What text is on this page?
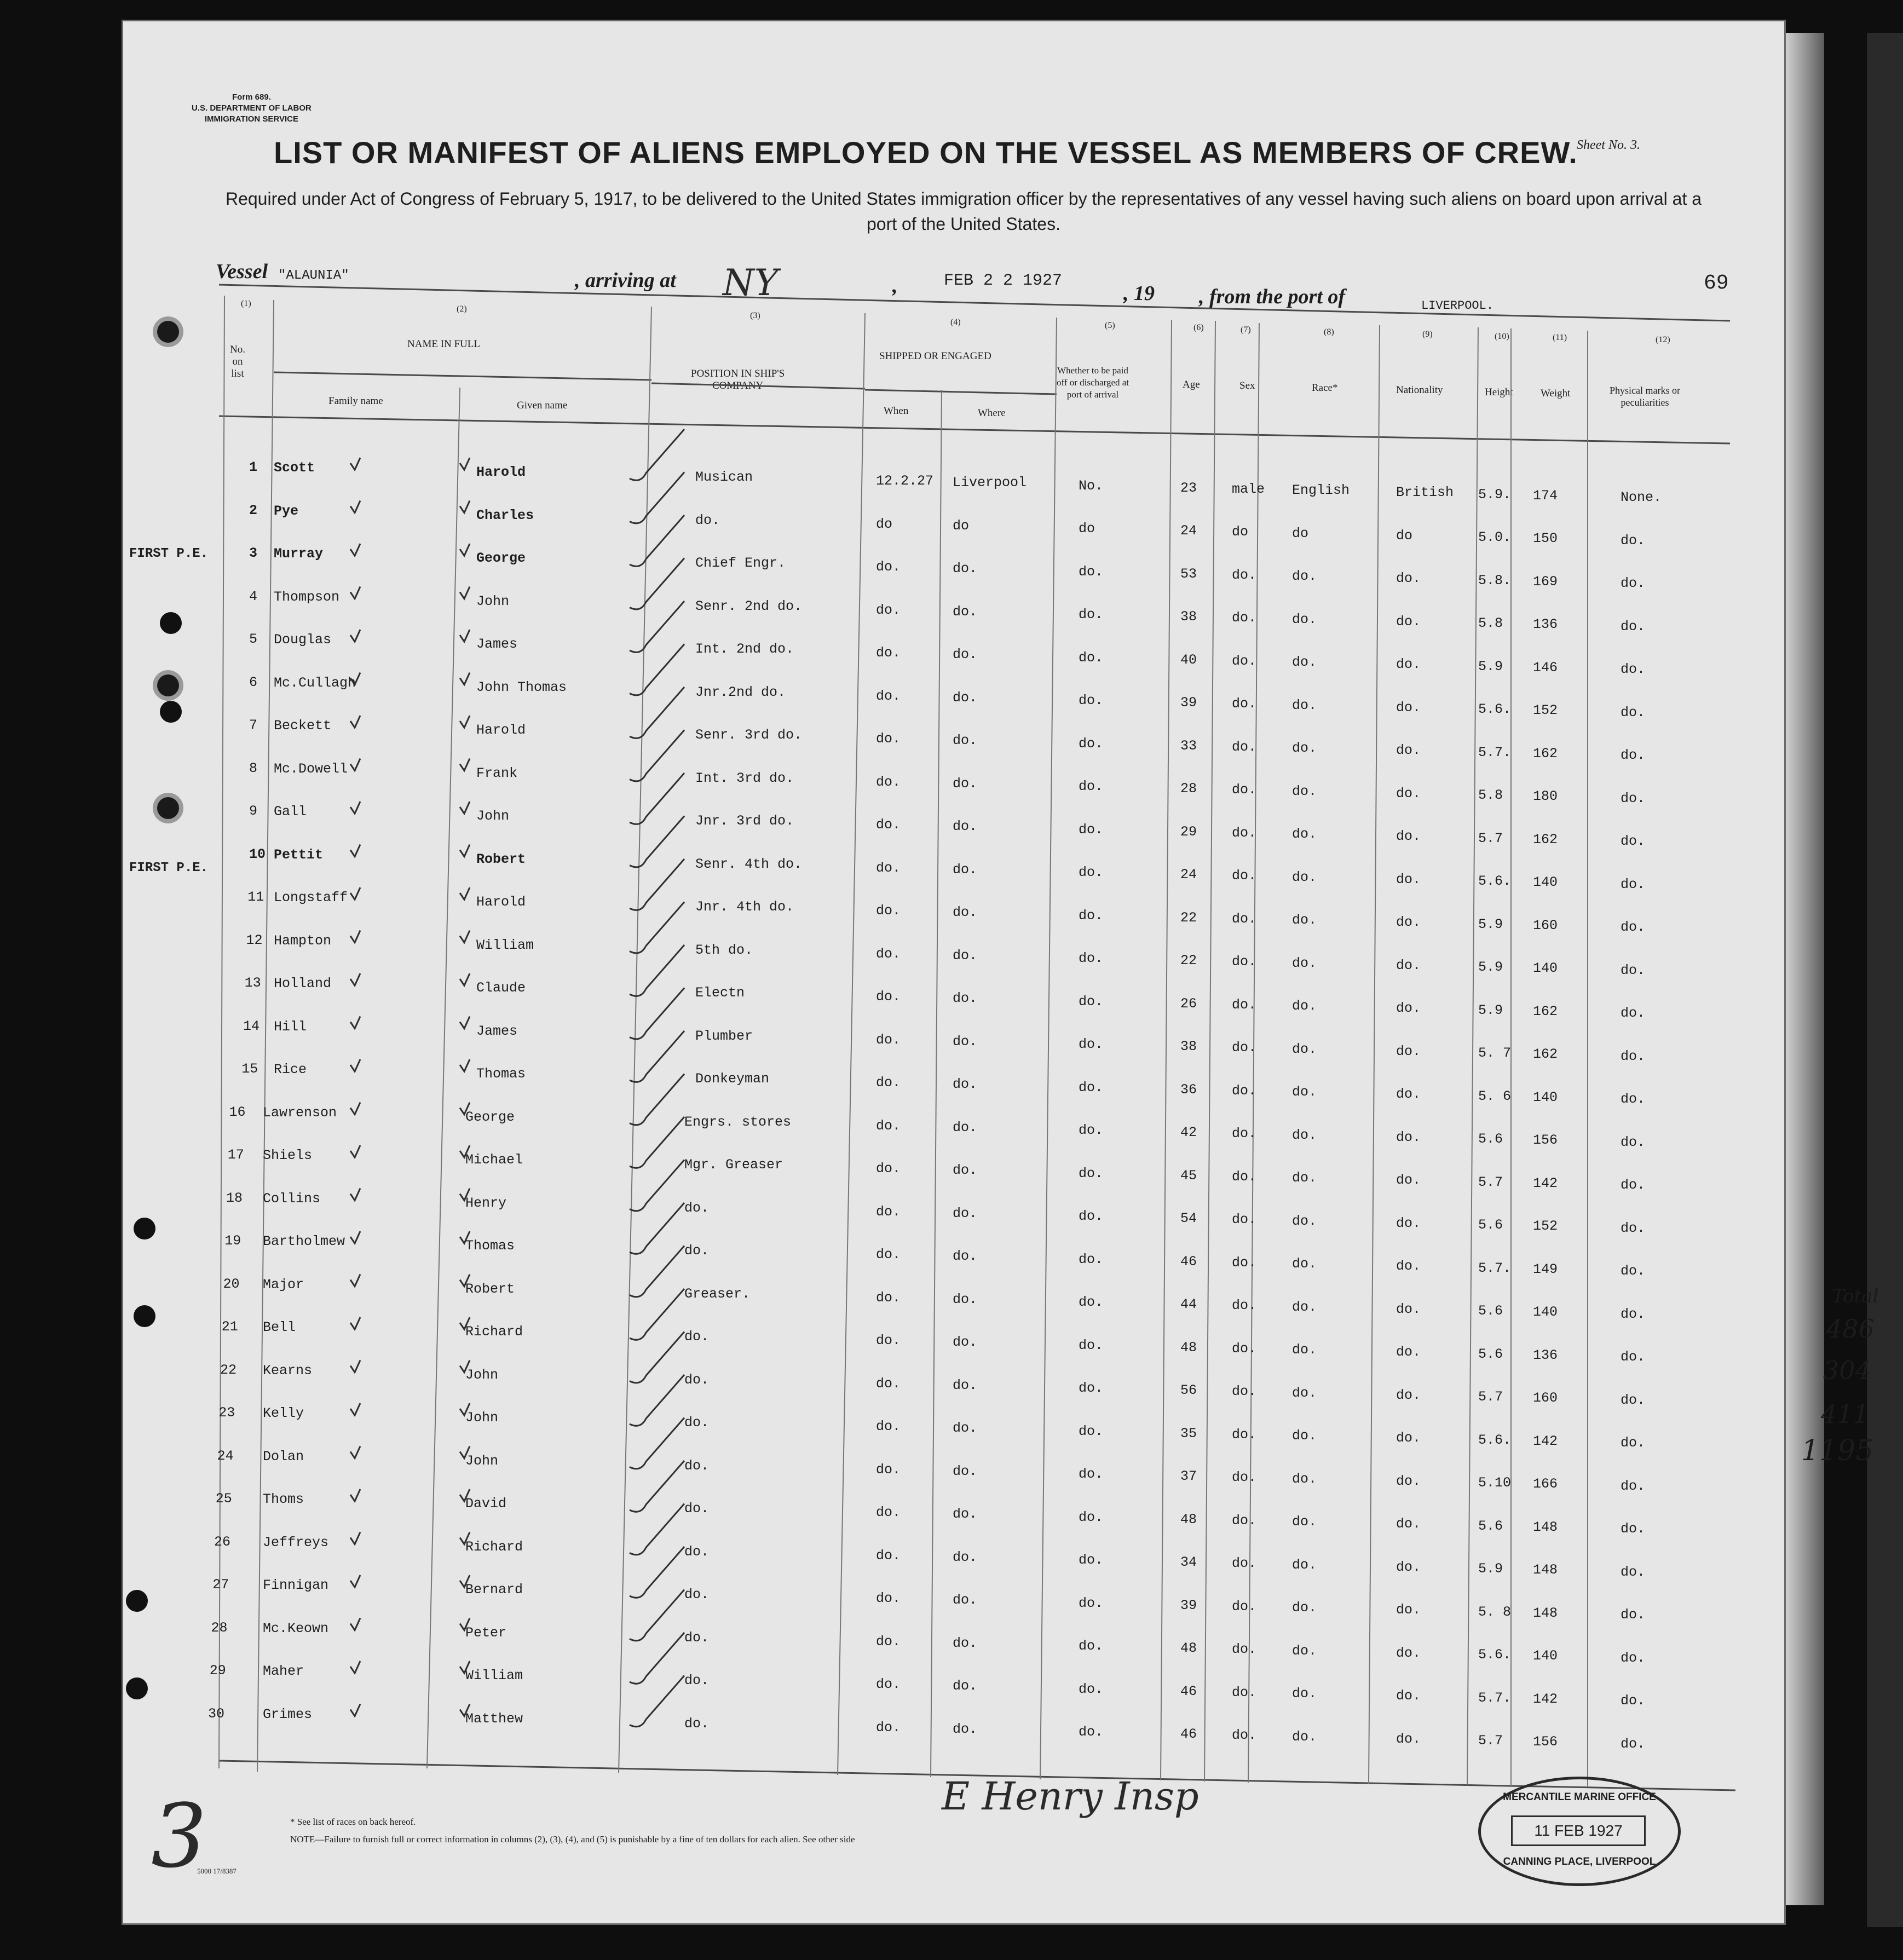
Form 689.
U.S. DEPARTMENT OF LABOR
IMMIGRATION SERVICE
Sheet No. 3.
LIST OR MANIFEST OF ALIENS EMPLOYED ON THE VESSEL AS MEMBERS OF CREW.
Required under Act of Congress of February 5, 1917, to be delivered to the United States immigration officer by the representatives of any vessel having such aliens on board upon arrival at a port of the United States.
Vessel "ALAUNIA"	, arriving at NY	,	FEB 2 2 1927
, 19 , from the port of	LIVERPOOL.
69
(1)
(2)
(3)
(4)	(5)	(6)	(7)	(8)	(9)	(10)	(11)	(12)
No.
on
list
NAME IN FULL
Family name	Given name
POSITION IN SHIP'S
COMPANY
SHIPPED OR ENGAGED
When	Where
Whether to be paid
off or discharged at
port of arrival
Age	Sex	Race*	Nationality	Height	Weight	Physical marks or
peculiarities
FIRST P.E.
FIRST P.E.
1 Scott	Harold	Musican	12.2.27 Liverpool	No.	23	male English	British 5.9. 174	None.
2 Pye	Charles	do.	do	do	do	24	do	do	do	5.0. 150	do.
3 Murray	George	Chief Engr.	do.	do.	do.	53	do.	do.	do.	5.8. 169	do.
4 Thompson	John	Senr. 2nd do.	do.	do.	do.	38	do.	do.	do.	5.8 136	do.
5 Douglas	James	Int. 2nd do.	do.	do.	do.	40	do.	do.	do.	5.9 146	do.
6 Mc.Cullagh	John Thomas	Jnr.2nd do.	do.	do.	do.	39	do.	do.	do.	5.6. 152	do.
7 Beckett	Harold	Senr. 3rd do.	do.	do.	do.	33	do.	do.	do.	5.7. 162	do.
8 Mc.Dowell	Frank	Int. 3rd do.	do.	do.	do.	28	do.	do.	do.	5.8 180	do.
9 Gall	John	Jnr. 3rd do.	do.	do.	do.	29	do.	do.	do.	5.7 162	do.
10 Pettit	Robert	Senr. 4th do.	do.	do.	do.	24	do.	do.	do.	5.6. 140	do.
11 Longstaff	Harold	Jnr. 4th do.	do.	do.	do.	22	do.	do.	do.	5.9 160	do.
12 Hampton	William	5th do.	do.	do.	do.	22	do.	do.	do.	5.9 140	do.
13 Holland	Claude	Electn	do.	do.	do.	26	do.	do.	do.	5.9 162	do.
14 Hill	James	Plumber	do.	do.	do.	38	do.	do.	do.	5. 7 162	do.
15 Rice	Thomas	Donkeyman	do.	do.	do.	36	do.	do.	do.	5. 6 140	do.
16 Lawrenson	George	Engrs. stores	do.	do.	do.	42	do.	do.	do.	5.6 156	do.
17 Shiels	Michael	Mgr. Greaser	do.	do.	do.	45	do.	do.	do.	5.7 142	do.
18 Collins	Henry	do.	do.	do.	do.	54	do.	do.	do.	5.6 152	do.
19 Bartholmew	Thomas	do.	do.	do.	do.	46	do.	do.	do.	5.7. 149	do.
20 Major	Robert	Greaser.	do.	do.	do.	44	do.	do.	do.	5.6 140	do.
21 Bell	Richard	do.	do.	do.	do.	48	do.	do.	do.	5.6 136	do.
22 Kearns	John	do.	do.	do.	do.	56	do.	do.	do.	5.7 160	do.
23 Kelly	John	do.	do.	do.	do.	35	do.	do.	do.	5.6. 142	do.
24 Dolan	John	do.	do.	do.	do.	37	do.	do.	do.	5.10 166	do.
25 Thoms	David	do.	do.	do.	do.	48	do.	do.	do.	5.6 148	do.
26 Jeffreys	Richard	do.	do.	do.	do.	34	do.	do.	do.	5.9 148	do.
27 Finnigan	Bernard	do.	do.	do.	do.	39	do.	do.	do.	5. 8 148	do.
28	Mc.Keown	Peter	do.	do.	do.	do.	48	do.	do.	do.	5.6. 140	do.
29	Maher	William	do.	do.	do.	do.	46	do.	do.	do.	5.7. 142	do.
30	Grimes	Matthew	do.	do.	do.	do.	46	do.	do.	do.	5.7 156	do.
Total
486
304
411
1195
3	* See list of races on back hereof.
NOTE—Failure to furnish full or correct information in columns (2), (3), (4), and (5) is punishable by a fine of ten dollars for each alien. See other side
5000 17/8387
E Henry Insp	MERCANTILE MARINE OFFICE
11 FEB 1927
CANNING PLACE, LIVERPOOL
